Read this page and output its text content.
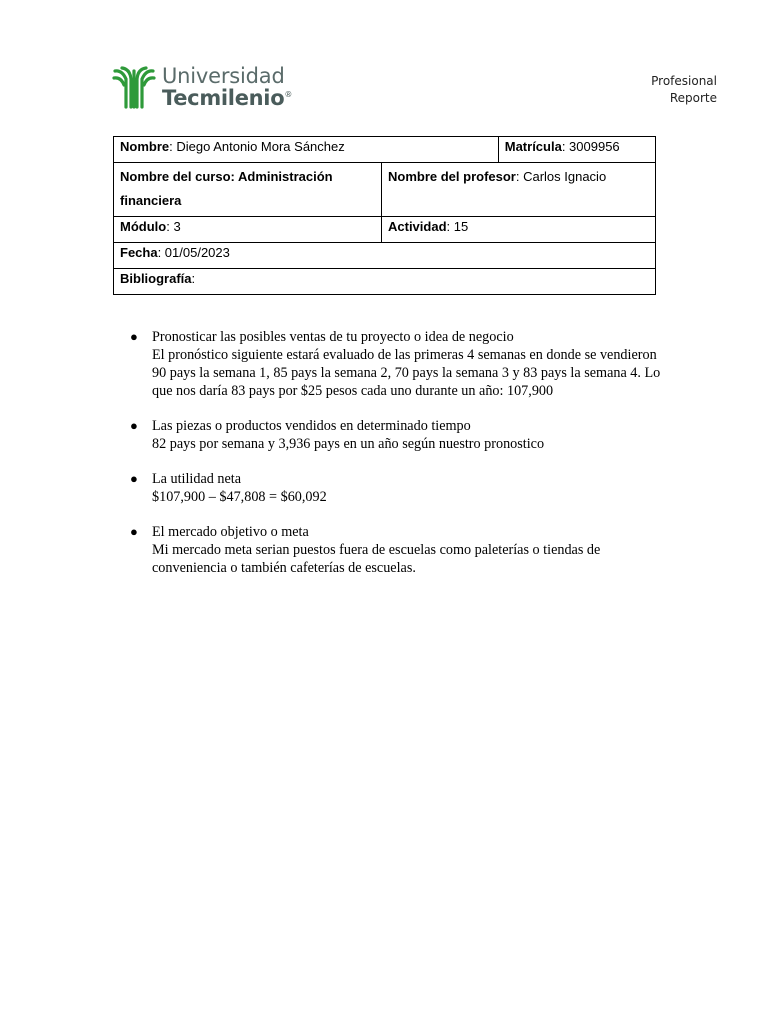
Universidad
Tecmilenio®
Profesional
Reporte
Nombre: Diego Antonio Mora Sánchez		Matrícula: 3009956
Nombre del curso: Administración financiera	Nombre del profesor: Carlos Ignacio	
Módulo: 3	Actividad: 15	
Fecha: 01/05/2023		
Bibliografía:		
● Pronosticar las posibles ventas de tu proyecto o idea de negocio
El pronóstico siguiente estará evaluado de las primeras 4 semanas en donde se vendieron 90 pays la semana 1, 85 pays la semana 2, 70 pays la semana 3 y 83 pays la semana 4. Lo que nos daría 83 pays por $25 pesos cada uno durante un año: 107,900
● Las piezas o productos vendidos en determinado tiempo
82 pays por semana y 3,936 pays en un año según nuestro pronostico
● La utilidad neta
$107,900 – $47,808 = $60,092
● El mercado objetivo o meta
Mi mercado meta serian puestos fuera de escuelas como paleterías o tiendas de conveniencia o también cafeterías de escuelas.
